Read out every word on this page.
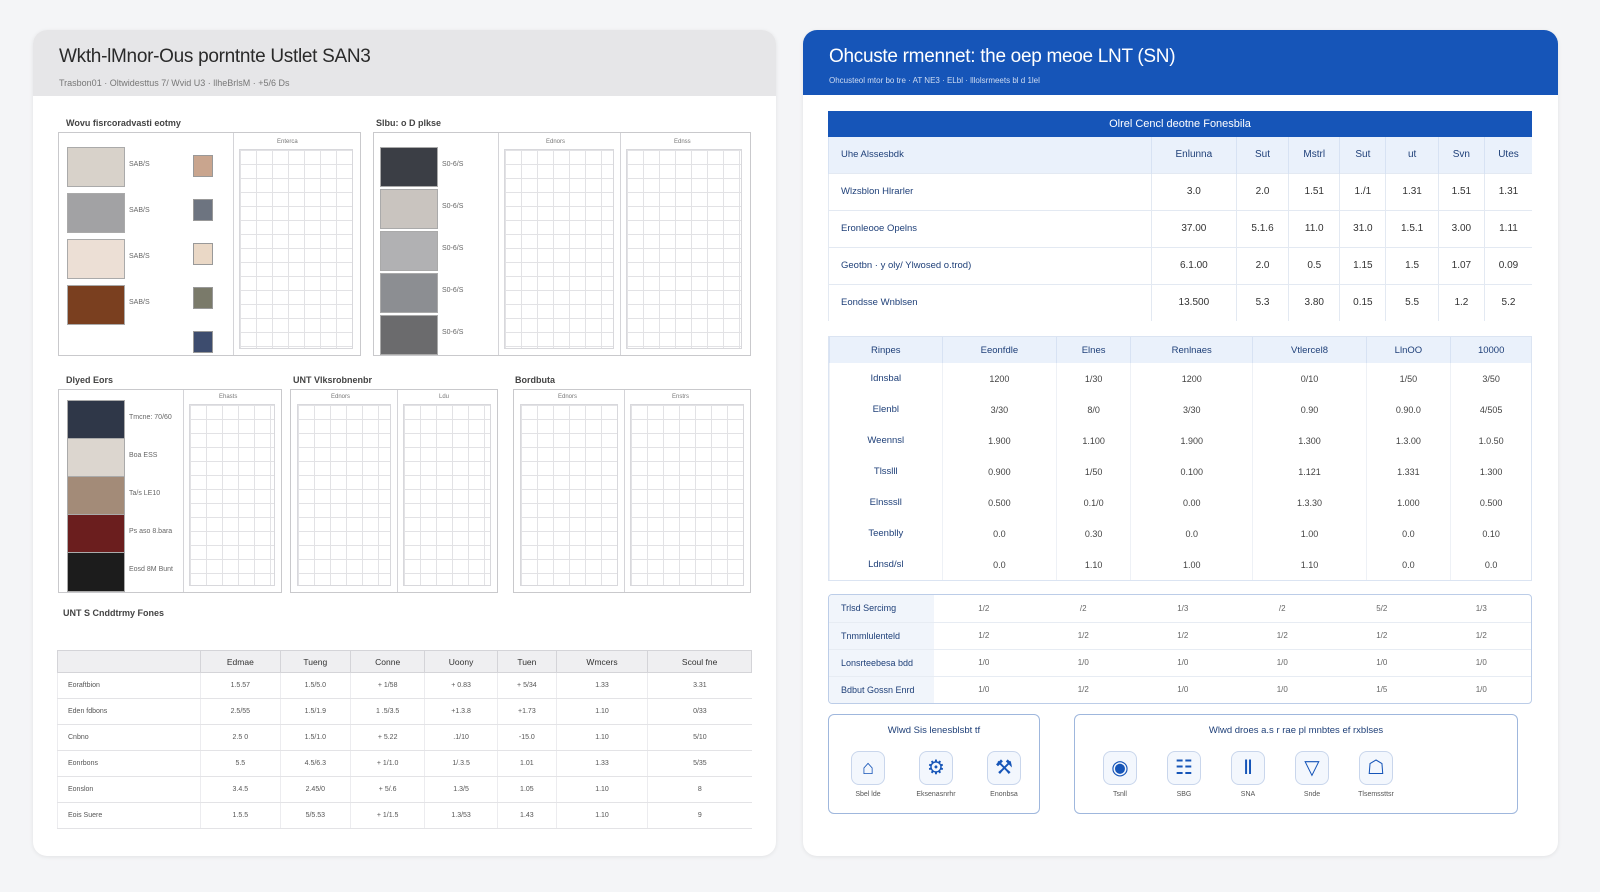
Wkth-lMnor-Ous porntnte Ustlet SAN3
Trasbon01 · Oltwidesttus 7/ Wvid U3 · llheBrlsM · +5/6 Ds
Wovu fisrcoradvasti eotmy	Slbu: o D plkse
Enterca
SAB/S
SAB/S
SAB/S
SAB/S
Ednors	Ednss
S0-6/S
S0-6/S
S0-6/S
S0-6/S
S0-6/S
Dlyed Eors	UNT Vlksrobnenbr	Bordbuta
Ehasts
Tmcne: 70/60
Boa ESS
Ta/s LE10
Ps aso 8.bara
Eosd 8M Bunt
Ednors	Ldu	Ednors	Enstrs
UNT S Cnddtrmy Fones
	Edmae	Tueng	Conne	Uoony	Tuen	Wmcers	Scoul fne
Eoraftbion	1.5.57	1.5/5.0	+ 1/58	+ 0.83	+ 5/34	1.33	3.31
Eden fdbons	2.5/55	1.5/1.9	1 .5/3.5	+1.3.8	+1.73	1.10	0/33
Cnbno	2.5 0	1.5/1.0	+ 5.22	.1/10	-15.0	1.10	5/10
Eonrbons	5.5	4.5/6.3	+ 1/1.0	1/.3.5	1.01	1.33	5/35
Eonslon	3.4.5	2.45/0	+ 5/.6	1.3/5	1.05	1.10	8
Eois Suere	1.5.5	5/5.53	+ 1/1.5	1.3/53	1.43	1.10	9
Ohcuste rmennet: the oep meoe LNT (SN)
Ohcusteol mtor bo tre · AT NE3 · ELbl · lllolsrmeets bl d 1lel
Olrel Cencl deotne Fonesbila
Uhe Alssesbdk	Enlunna	Sut	Mstrl	Sut	ut	Svn	Utes
Wlzsblon Hlrarler	3.0	2.0	1.51	1./1	1.31	1.51	1.31
Eronleooe Opelns	37.00	5.1.6	11.0	31.0	1.5.1	3.00	1.11
Geotbn · y oly/ Ylwosed o.trod)	6.1.00	2.0	0.5	1.15	1.5	1.07	0.09
Eondsse Wnblsen	13.500	5.3	3.80	0.15	5.5	1.2	5.2
Rinpes	Eeonfdle	Elnes	Renlnaes	Vtlercel8	LlnOO	10000
Idnsbal	1200	1/30	1200	0/10	1/50	3/50
Elenbl	3/30	8/0	3/30	0.90	0.90.0	4/505
Weennsl	1.900	1.100	1.900	1.300	1.3.00	1.0.50
Tlsslll	0.900	1/50	0.100	1.121	1.331	1.300
Elnsssll	0.500	0.1/0	0.00	1.3.30	1.000	0.500
Teenblly	0.0	0.30	0.0	1.00	0.0	0.10
Ldnsd/sl	0.0	1.10	1.00	1.10	0.0	0.0
Trlsd Sercimg	1/2	/2	1/3	/2	5/2	1/3
Tnmmlulenteld	1/2	1/2	1/2	1/2	1/2	1/2
Lonsrteebesa bdd	1/0	1/0	1/0	1/0	1/0	1/0
Bdbut Gossn Enrd	1/0	1/2	1/0	1/0	1/5	1/0
Wlwd Sis lenesblsbt tf
⌂
Sbel lde
⚙
Eksenasnrhr
⚒
Enonbsa
Wlwd droes a.s r rae pl mnbtes ef rxblses
◉
Tsnll
☷
SBG
Ⅱ
SNA
▽
Snde
☖
Tlsemssttsr
